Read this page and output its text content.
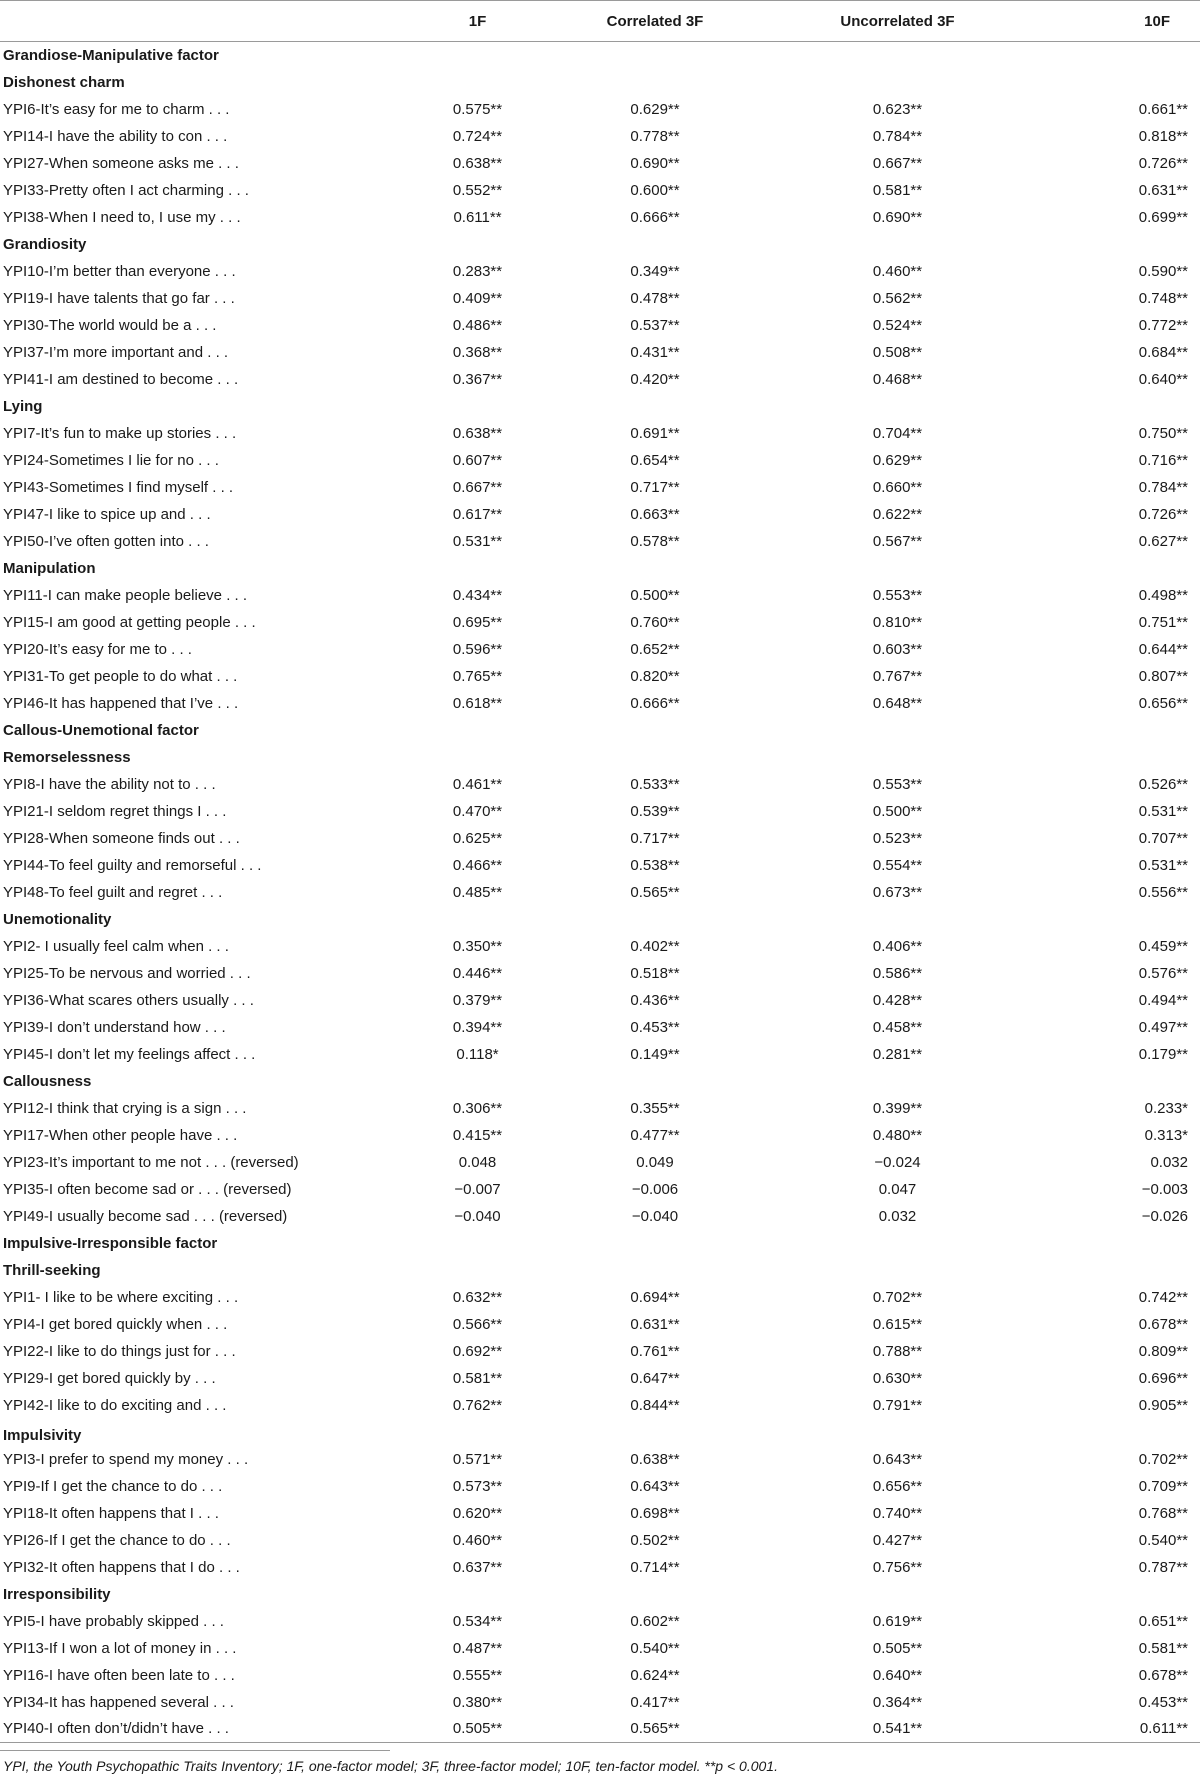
	1F	Correlated 3F	Uncorrelated 3F	10F
Grandiose-Manipulative factor				
Dishonest charm				
YPI6-It’s easy for me to charm . . .	0.575**	0.629**	0.623**	0.661**
YPI14-I have the ability to con . . .	0.724**	0.778**	0.784**	0.818**
YPI27-When someone asks me . . .	0.638**	0.690**	0.667**	0.726**
YPI33-Pretty often I act charming . . .	0.552**	0.600**	0.581**	0.631**
YPI38-When I need to, I use my . . .	0.611**	0.666**	0.690**	0.699**
Grandiosity				
YPI10-I’m better than everyone . . .	0.283**	0.349**	0.460**	0.590**
YPI19-I have talents that go far . . .	0.409**	0.478**	0.562**	0.748**
YPI30-The world would be a . . .	0.486**	0.537**	0.524**	0.772**
YPI37-I’m more important and . . .	0.368**	0.431**	0.508**	0.684**
YPI41-I am destined to become . . .	0.367**	0.420**	0.468**	0.640**
Lying				
YPI7-It’s fun to make up stories . . .	0.638**	0.691**	0.704**	0.750**
YPI24-Sometimes I lie for no . . .	0.607**	0.654**	0.629**	0.716**
YPI43-Sometimes I find myself . . .	0.667**	0.717**	0.660**	0.784**
YPI47-I like to spice up and . . .	0.617**	0.663**	0.622**	0.726**
YPI50-I’ve often gotten into . . .	0.531**	0.578**	0.567**	0.627**
Manipulation				
YPI11-I can make people believe . . .	0.434**	0.500**	0.553**	0.498**
YPI15-I am good at getting people . . .	0.695**	0.760**	0.810**	0.751**
YPI20-It’s easy for me to . . .	0.596**	0.652**	0.603**	0.644**
YPI31-To get people to do what . . .	0.765**	0.820**	0.767**	0.807**
YPI46-It has happened that I’ve . . .	0.618**	0.666**	0.648**	0.656**
Callous-Unemotional factor				
Remorselessness				
YPI8-I have the ability not to . . .	0.461**	0.533**	0.553**	0.526**
YPI21-I seldom regret things I . . .	0.470**	0.539**	0.500**	0.531**
YPI28-When someone finds out . . .	0.625**	0.717**	0.523**	0.707**
YPI44-To feel guilty and remorseful . . .	0.466**	0.538**	0.554**	0.531**
YPI48-To feel guilt and regret . . .	0.485**	0.565**	0.673**	0.556**
Unemotionality				
YPI2- I usually feel calm when . . .	0.350**	0.402**	0.406**	0.459**
YPI25-To be nervous and worried . . .	0.446**	0.518**	0.586**	0.576**
YPI36-What scares others usually . . .	0.379**	0.436**	0.428**	0.494**
YPI39-I don’t understand how . . .	0.394**	0.453**	0.458**	0.497**
YPI45-I don’t let my feelings affect . . .	0.118*	0.149**	0.281**	0.179**
Callousness				
YPI12-I think that crying is a sign . . .	0.306**	0.355**	0.399**	0.233*
YPI17-When other people have . . .	0.415**	0.477**	0.480**	0.313*
YPI23-It’s important to me not . . . (reversed)	0.048	0.049	−0.024	0.032
YPI35-I often become sad or . . . (reversed)	−0.007	−0.006	0.047	−0.003
YPI49-I usually become sad . . . (reversed)	−0.040	−0.040	0.032	−0.026
Impulsive-Irresponsible factor				
Thrill-seeking				
YPI1- I like to be where exciting . . .	0.632**	0.694**	0.702**	0.742**
YPI4-I get bored quickly when . . .	0.566**	0.631**	0.615**	0.678**
YPI22-I like to do things just for . . .	0.692**	0.761**	0.788**	0.809**
YPI29-I get bored quickly by . . .	0.581**	0.647**	0.630**	0.696**
YPI42-I like to do exciting and . . .	0.762**	0.844**	0.791**	0.905**
Impulsivity				
YPI3-I prefer to spend my money . . .	0.571**	0.638**	0.643**	0.702**
YPI9-If I get the chance to do . . .	0.573**	0.643**	0.656**	0.709**
YPI18-It often happens that I . . .	0.620**	0.698**	0.740**	0.768**
YPI26-If I get the chance to do . . .	0.460**	0.502**	0.427**	0.540**
YPI32-It often happens that I do . . .	0.637**	0.714**	0.756**	0.787**
Irresponsibility				
YPI5-I have probably skipped . . .	0.534**	0.602**	0.619**	0.651**
YPI13-If I won a lot of money in . . .	0.487**	0.540**	0.505**	0.581**
YPI16-I have often been late to . . .	0.555**	0.624**	0.640**	0.678**
YPI34-It has happened several . . .	0.380**	0.417**	0.364**	0.453**
YPI40-I often don’t/didn’t have . . .	0.505**	0.565**	0.541**	0.611**
YPI, the Youth Psychopathic Traits Inventory; 1F, one-factor model; 3F, three-factor model; 10F, ten-factor model. **p < 0.001.
